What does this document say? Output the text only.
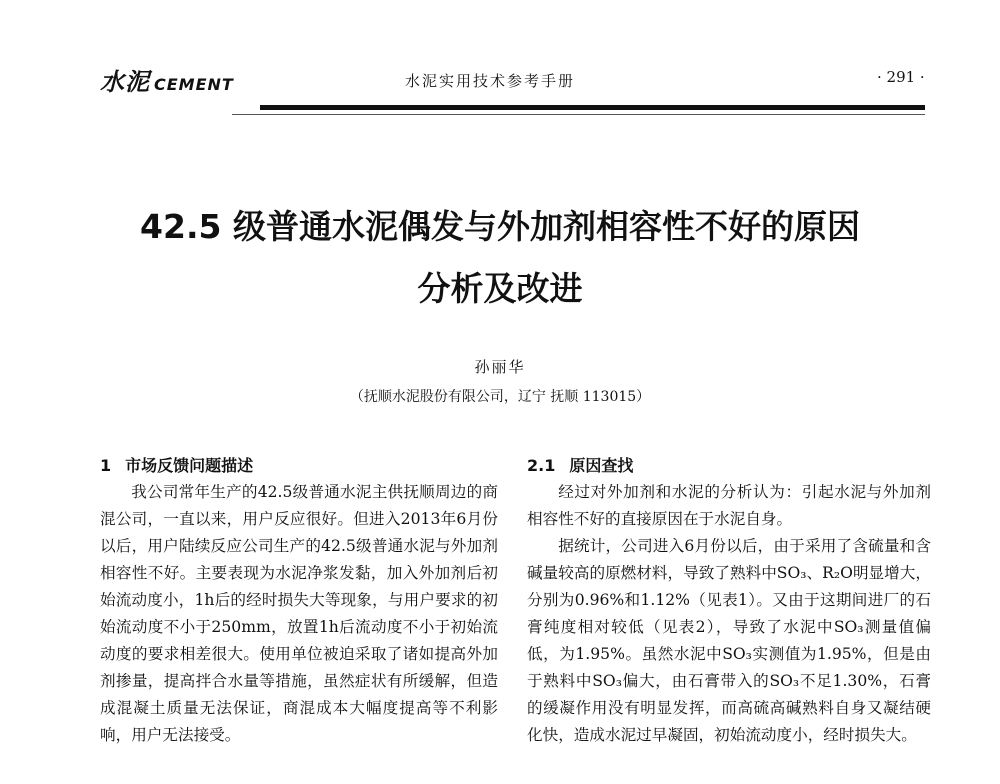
水泥 CEMENT	水泥实用技术参考手册	· 291 ·
42.5 级普通水泥偶发与外加剂相容性不好的原因
分析及改进
孙丽华
（抚顺水泥股份有限公司，辽宁 抚顺 113015）
1 市场反馈问题描述

我公司常年生产的42.5级普通水泥主供抚顺周边的商混公司，一直以来，用户反应很好。但进入2013年6月份以后，用户陆续反应公司生产的42.5级普通水泥与外加剂相容性不好。主要表现为水泥净浆发黏，加入外加剂后初始流动度小，1h后的经时损失大等现象，与用户要求的初始流动度不小于250mm，放置1h后流动度不小于初始流动度的要求相差很大。使用单位被迫采取了诸如提高外加剂掺量，提高拌合水量等措施，虽然症状有所缓解，但造成混凝土质量无法保证，商混成本大幅度提高等不利影响，用户无法接受。

2.1 原因查找

经过对外加剂和水泥的分析认为：引起水泥与外加剂相容性不好的直接原因在于水泥自身。

据统计，公司进入6月份以后，由于采用了含硫量和含碱量较高的原燃材料，导致了熟料中SO₃、R₂O明显增大，分别为0.96%和1.12%（见表1）。又由于这期间进厂的石膏纯度相对较低（见表2），导致了水泥中SO₃测量值偏低，为1.95%。虽然水泥中SO₃实测值为1.95%，但是由于熟料中SO₃偏大，由石膏带入的SO₃不足1.30%，石膏的缓凝作用没有明显发挥，而高硫高碱熟料自身又凝结硬化快，造成水泥过早凝固，初始流动度小，经时损失大。
